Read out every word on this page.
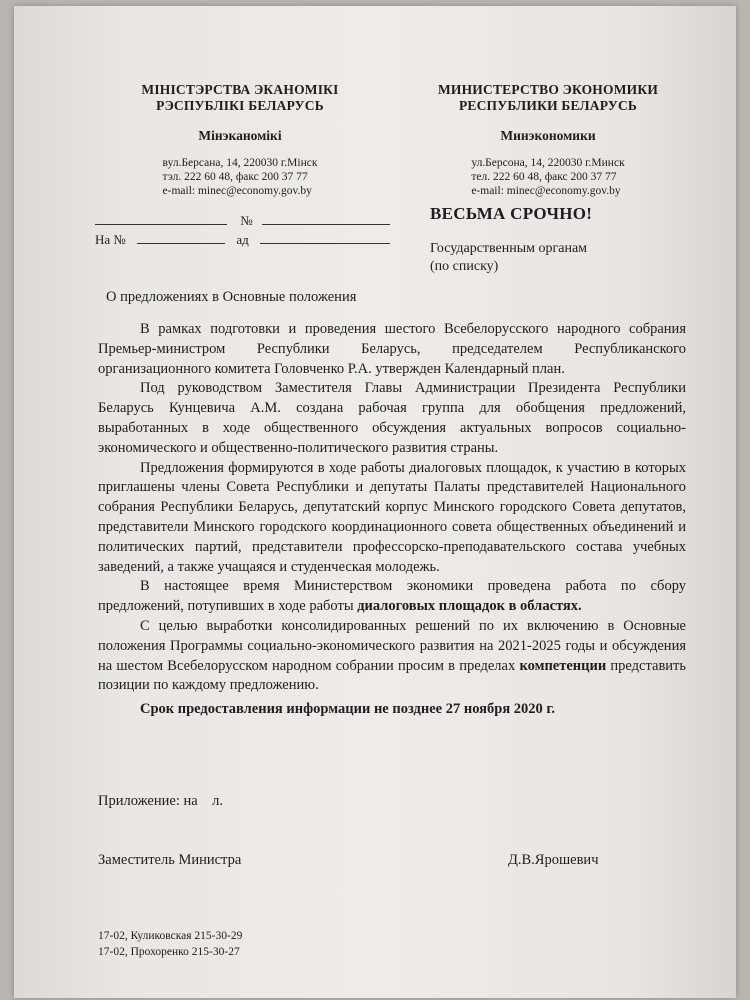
МІНІСТЭРСТВА ЭКАНОМІКІ
РЭСПУБЛІКІ БЕЛАРУСЬ
Мінэканомікі
вул.Берсана, 14, 220030 г.Мінск
тэл. 222 60 48, факс 200 37 77
e-mail: minec@economy.gov.by
МИНИСТЕРСТВО ЭКОНОМИКИ
РЕСПУБЛИКИ БЕЛАРУСЬ
Минэкономики
ул.Берсона, 14, 220030 г.Минск
тел. 222 60 48, факс 200 37 77
e-mail: minec@economy.gov.by
№
На №	ад
ВЕСЬМА СРОЧНО!
Государственным органам
(по списку)
О предложениях в Основные положения

В рамках подготовки и проведения шестого Всебелорусского народного собрания Премьер-министром Республики Беларусь, председателем Республиканского организационного комитета Головченко Р.А. утвержден Календарный план.

Под руководством Заместителя Главы Администрации Президента Республики Беларусь Кунцевича А.М. создана рабочая группа для обобщения предложений, выработанных в ходе общественного обсуждения актуальных вопросов социально-экономического и общественно-политического развития страны.

Предложения формируются в ходе работы диалоговых площадок, к участию в которых приглашены члены Совета Республики и депутаты Палаты представителей Национального собрания Республики Беларусь, депутатский корпус Минского городского Совета депутатов, представители Минского городского координационного совета общественных объединений и политических партий, представители профессорско-преподавательского состава учебных заведений, а также учащаяся и студенческая молодежь.

В настоящее время Министерством экономики проведена работа по сбору предложений, потупивших в ходе работы диалоговых площадок в областях.

С целью выработки консолидированных решений по их включению в Основные положения Программы социально-экономического развития на 2021-2025 годы и обсуждения на шестом Всебелорусском народном собрании просим в пределах компетенции представить позиции по каждому предложению.

Срок предоставления информации не позднее 27 ноября 2020 г.

Приложение: на    л.
Заместитель Министра	Д.В.Ярошевич
17-02, Куликовская 215-30-29
17-02, Прохоренко 215-30-27
